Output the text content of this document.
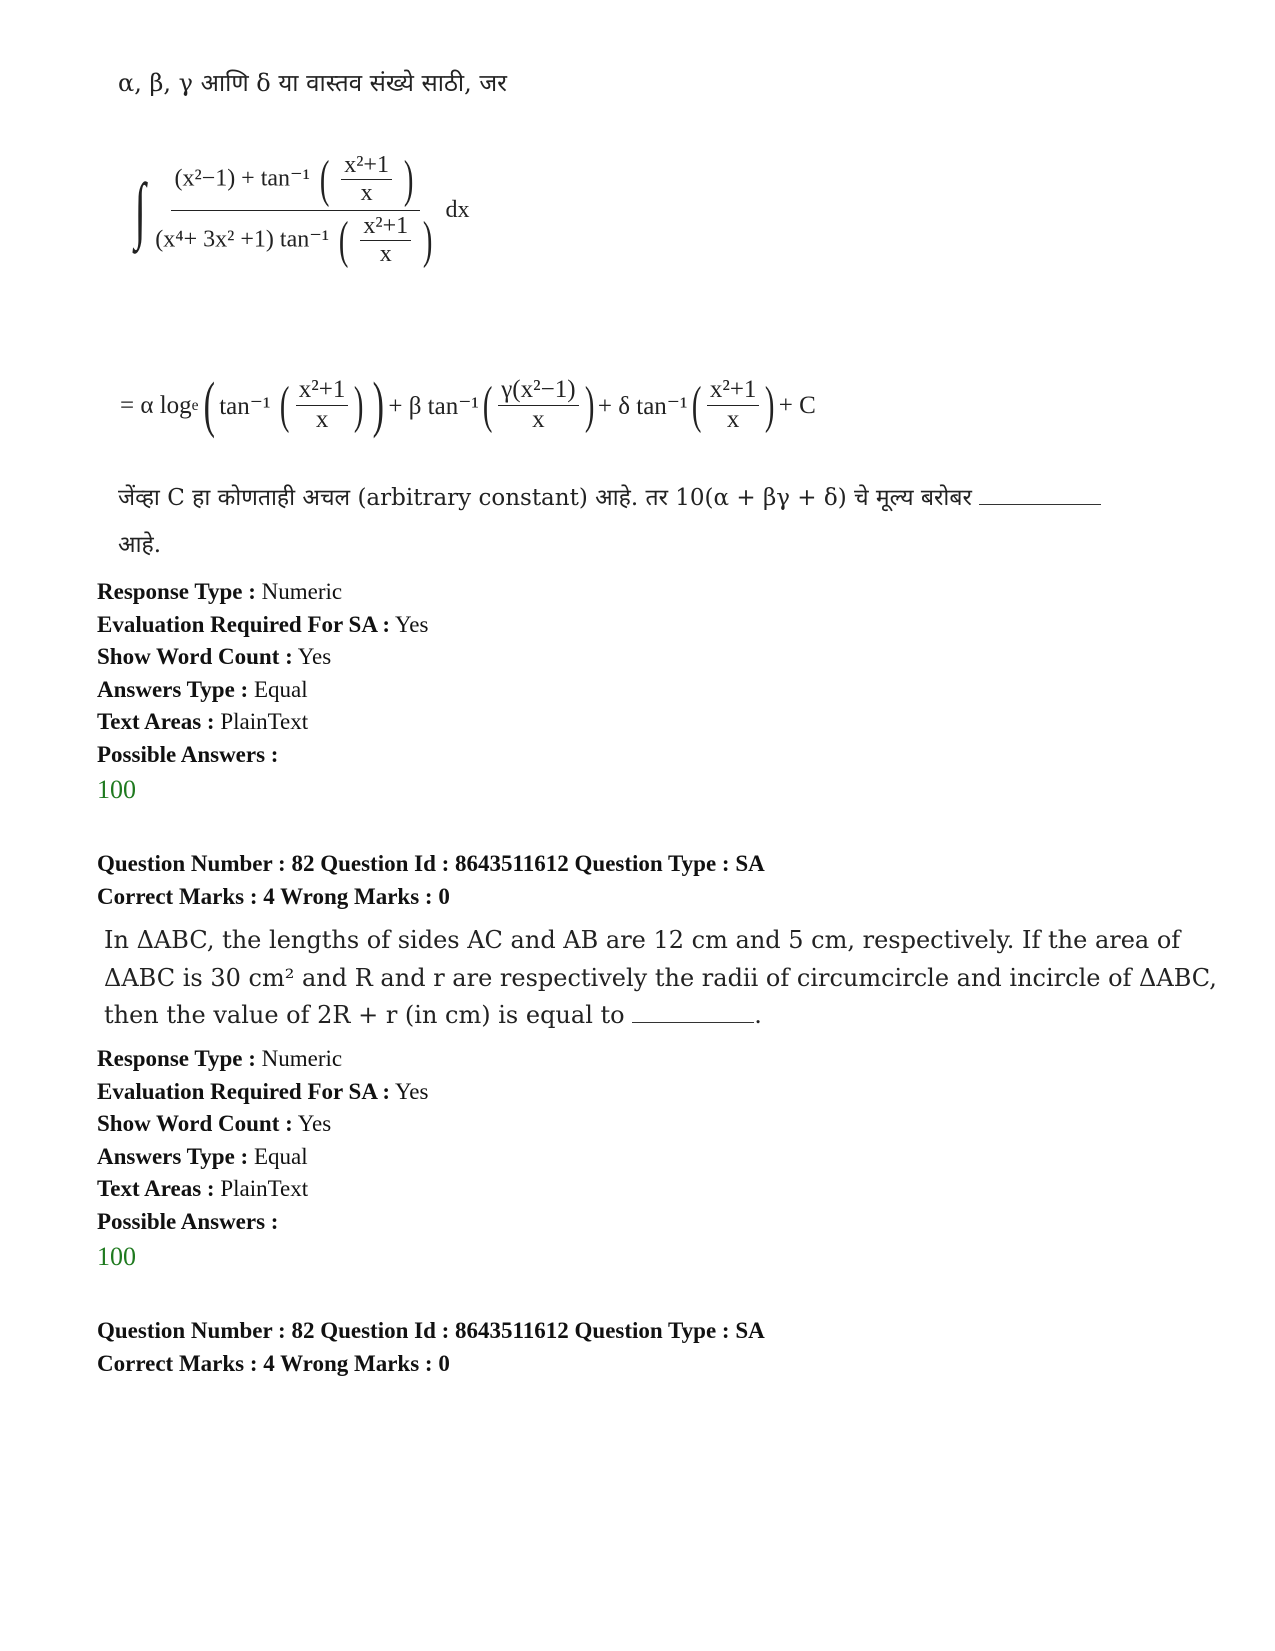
α, β, γ आणि δ या वास्तव संख्ये साठी, जर
∫ $\frac{(x^2-1) + \tan^{-1} ( \frac{\text{x²+1}}{x} )}{(x^4+ 3x^2 +1) \tan^{-1} ( \frac{\text{x²+1}}{x} )}$ dx
= α log e ( tan⁻¹ ( $\frac{\text{x²+1}}{x}$ ) ) + β tan⁻¹ ( $\frac{\text{γ(x²−1)}}{x}$ ) + δ tan⁻¹ ( $\frac{\text{x²+1}}{x}$ ) + C
जेंव्हा C हा कोणताही अचल (arbitrary constant) आहे. तर 10(α + βγ + δ) चे मूल्य बरोबर
आहे.
Response Type : Numeric
Evaluation Required For SA : Yes
Show Word Count : Yes
Answers Type : Equal
Text Areas : PlainText
Possible Answers :
100
Question Number : 82 Question Id : 8643511612 Question Type : SA
Correct Marks : 4 Wrong Marks : 0
In ΔABC, the lengths of sides AC and AB are 12 cm and 5 cm, respectively. If the area of
ΔABC is 30 cm² and R and r are respectively the radii of circumcircle and incircle of ΔABC,
then the value of 2R + r (in cm) is equal to	.
Response Type : Numeric
Evaluation Required For SA : Yes
Show Word Count : Yes
Answers Type : Equal
Text Areas : PlainText
Possible Answers :
100
Question Number : 82 Question Id : 8643511612 Question Type : SA
Correct Marks : 4 Wrong Marks : 0
